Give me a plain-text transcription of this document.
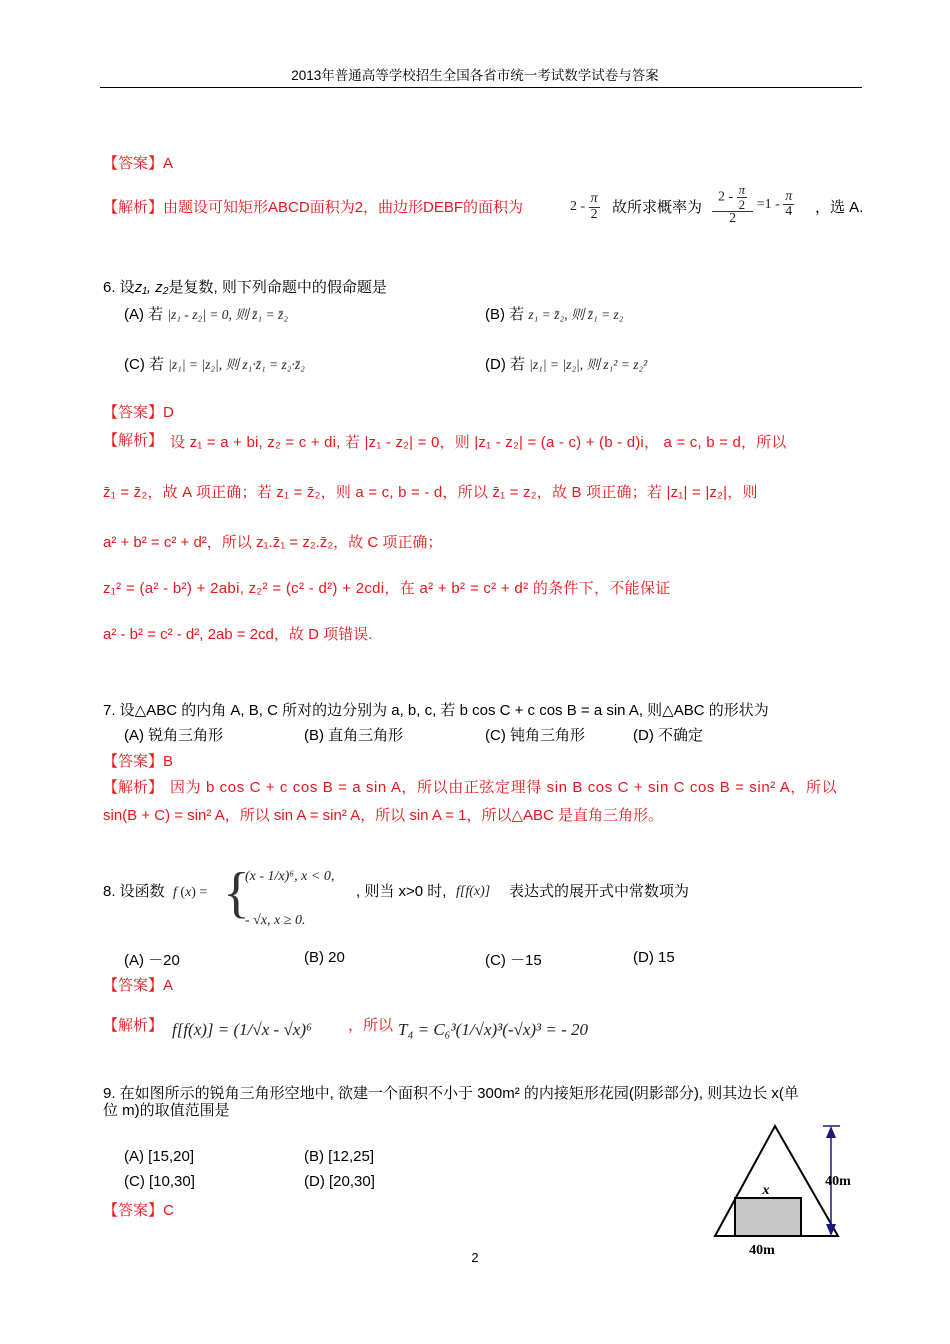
2013年普通高等学校招生全国各省市统一考试数学试卷与答案
【答案】A
【解析】由题设可知矩形ABCD面积为2，曲边形DEBF的面积为	$2 - \frac{\pi}{2}$ 故所求概率为 $\frac{2 - \frac{\pi}{2}}{2} =1 - \frac{\pi}{4}$ ，选 A.
6. 设z₁, z₂是复数, 则下列命题中的假命题是
(A) 若 |z₁ - z₂| = 0, 则 z̄₁ = z̄₂	(B) 若 z₁ = z̄₂, 则 z̄₁ = z₂
(C) 若 |z₁| = |z₂|, 则 z₁·z̄₁ = z₂·z̄₂	(D) 若 |z₁| = |z₂|, 则 z₁² = z₂²
【答案】D
【解析】 设 z₁ = a + bi, z₂ = c + di, 若 |z₁ - z₂| = 0，则 |z₁ - z₂| = (a - c) + (b - d)i， a = c, b = d，所以
z̄₁ = z̄₂，故 A 项正确；若 z₁ = z̄₂，则 a = c, b = - d，所以 z̄₁ = z₂，故 B 项正确；若 |z₁| = |z₂|，则
a² + b² = c² + d²，所以 z₁.z̄₁ = z₂.z̄₂，故 C 项正确；
z₁² = (a² - b²) + 2abi, z₂² = (c² - d²) + 2cdi，在 a² + b² = c² + d² 的条件下，不能保证
a² - b² = c² - d², 2ab = 2cd，故 D 项错误.
7. 设△ABC 的内角 A, B, C 所对的边分别为 a, b, c, 若 b cos C + c cos B = a sin A, 则△ABC 的形状为
(A) 锐角三角形	(B) 直角三角形	(C) 钝角三角形	(D) 不确定
【答案】B
【解析】 因为 b cos C + c cos B = a sin A，所以由正弦定理得 sin B cos C + sin C cos B = sin² A，所以
sin(B + C) = sin² A，所以 sin A = sin² A，所以 sin A = 1，所以△ABC 是直角三角形。
8. 设函数 f (x) = {
(x - 1/x)⁶, x < 0,
- √x, x ≥ 0.
, 则当 x>0 时, f[f(x)] 表达式的展开式中常数项为
(A) －20	(B) 20	(C) －15	(D) 15
【答案】A
【解析】 f[f(x)] = (1/√x - √x)⁶ ，所以 T₄ = C₆³(1/√x)³(-√x)³ = - 20
9. 在如图所示的锐角三角形空地中, 欲建一个面积不小于 300m² 的内接矩形花园(阴影部分), 则其边长 x(单
位 m)的取值范围是
(A) [15,20]	(B) [12,25]
(C) [10,30]	(D) [20,30]
【答案】C
x
40m
40m
2
